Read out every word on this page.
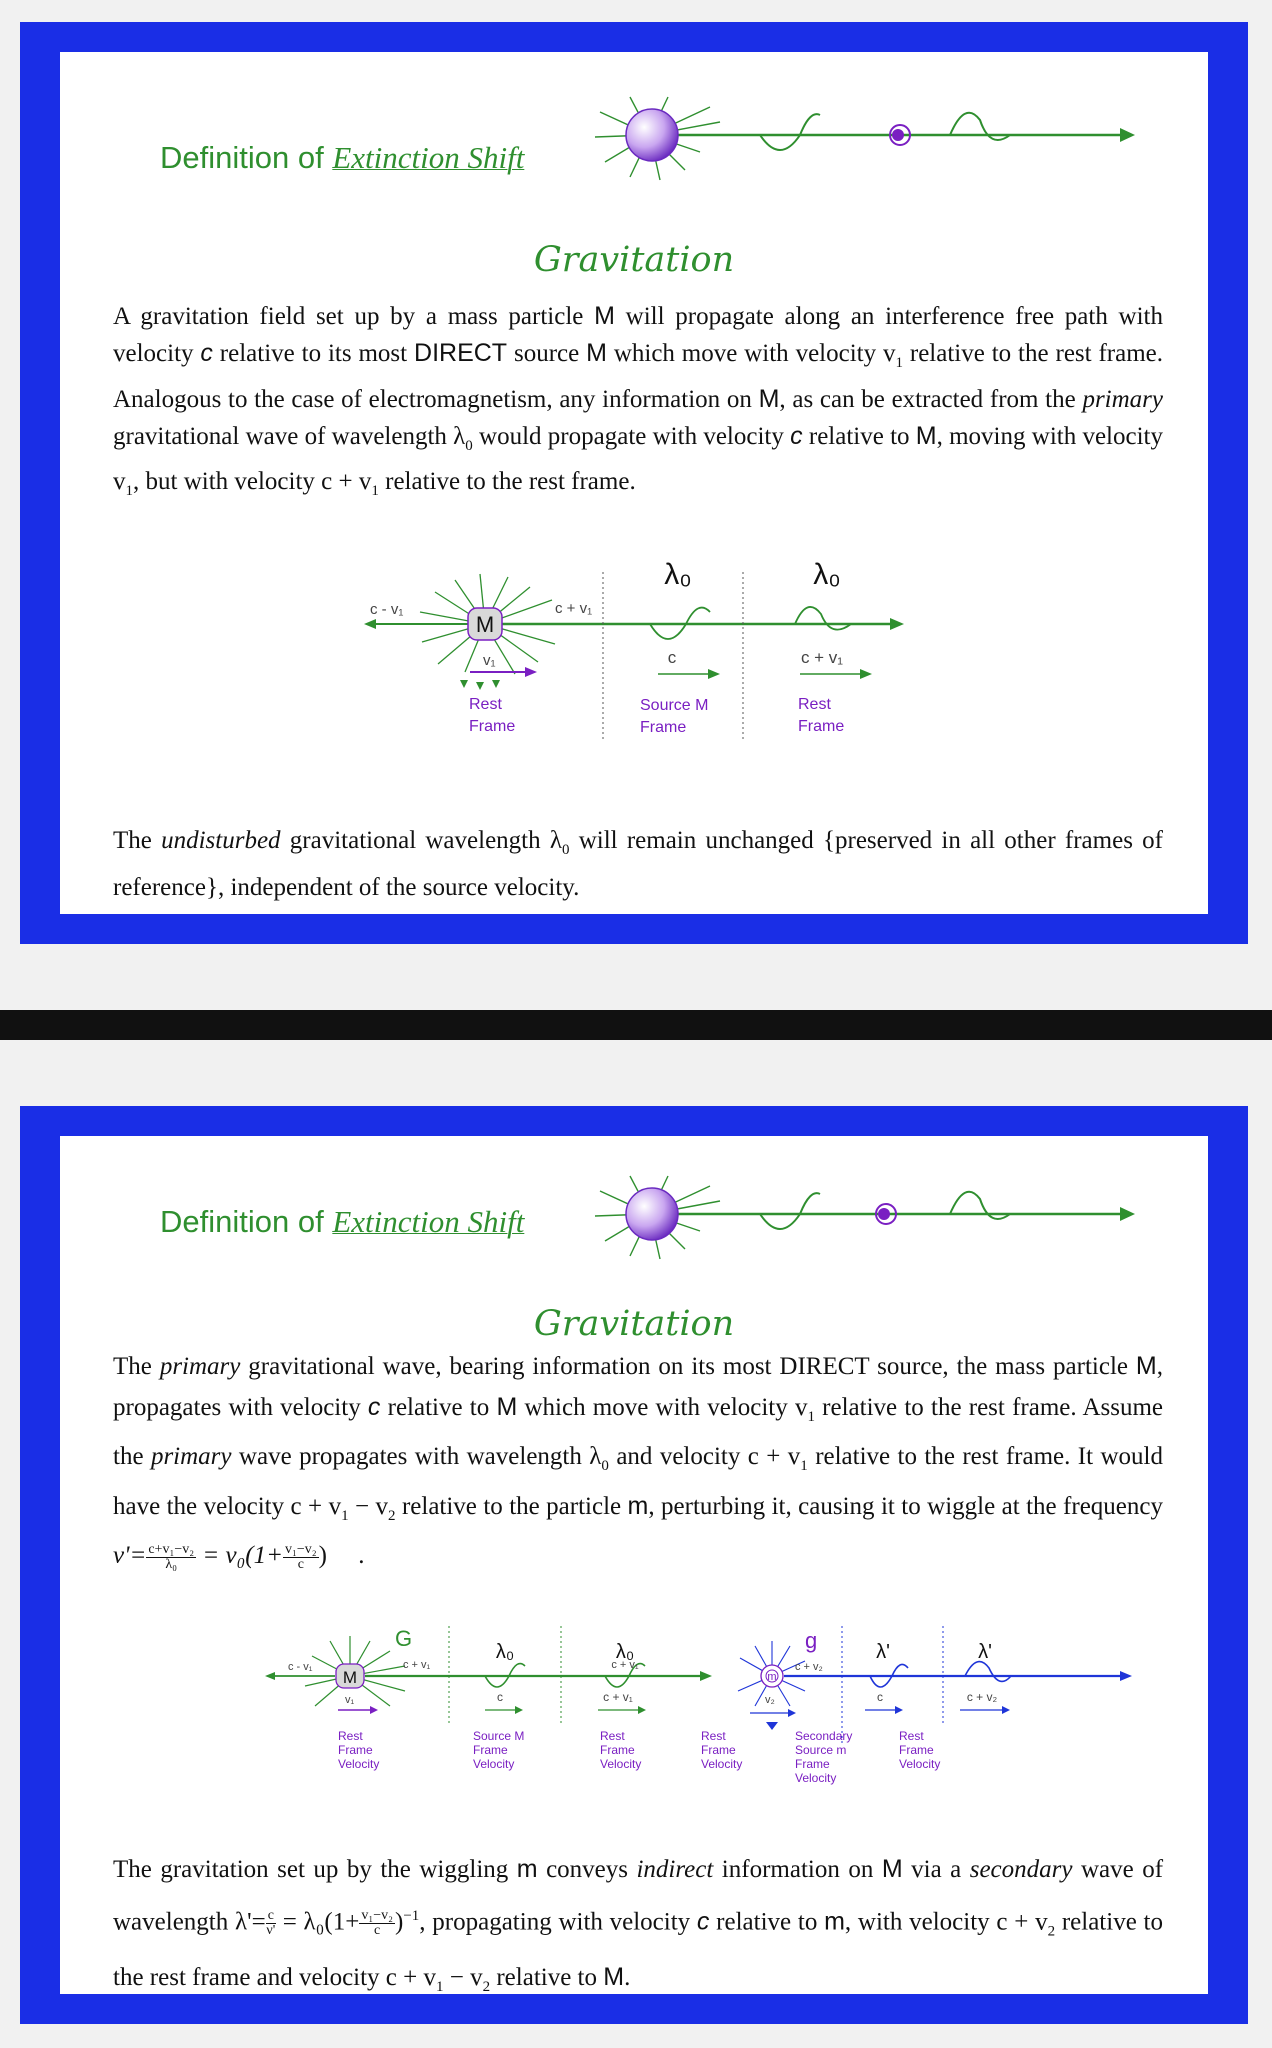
Definition of Extinction Shift
Gravitation
A gravitation field set up by a mass particle M will propagate along an interference free path with velocity c relative to its most DIRECT source M which move with velocity $v_1$ relative to the rest frame. Analogous to the case of electromagnetism, any information on M, as can be extracted from the primary gravitational wave of wavelength $\lambda_0$ would propagate with velocity c relative to M, moving with velocity $v_1$, but with velocity $c + v_1$ relative to the rest frame.
M
c - v₁	c + v₁
v₁
λ₀	λ₀
c	c + v₁
Rest
Frame
Source M
Frame
Rest
Frame
The undisturbed gravitational wavelength $\lambda_0$ will remain unchanged {preserved in all other frames of reference}, independent of the source velocity.
Definition of Extinction Shift
Gravitation
The primary gravitational wave, bearing information on its most DIRECT source, the mass particle M, propagates with velocity c relative to M which move with velocity $v_1$ relative to the rest frame. Assume the primary wave propagates with wavelength $\lambda_0$ and velocity $c + v_1$ relative to the rest frame. It would have the velocity $c + v_1 - v_2$ relative to the particle m, perturbing it, causing it to wiggle at the frequency $\nu'= \frac{\text{c+v₁−v₂}}{\text{λ₀}} = \nu_0(1+ \frac{\text{v₁−v₂}}{c}$ ) .
M
G
c - v₁	c + v₁
v₁
λ₀	λ₀
c + v₁
c	c + v₁
m
g
c + v₂
v₂
λ'	λ'
c	c + v₂
Rest
Frame
Velocity
Source M
Frame
Velocity
Rest
Frame
Velocity
Rest
Frame
Velocity
Secondary
Source m
Frame
Velocity
Rest
Frame
Velocity
The gravitation set up by the wiggling m conveys indirect information on M via a secondary wave of wavelength $\lambda'= \frac{c}{\nu'} = \lambda_0(1+ \frac{\text{v₁−v₂}}{c} )^{-1}$, propagating with velocity c relative to m, with velocity $c + v_2$ relative to the rest frame and velocity $c + v_1 - v_2$ relative to M.
